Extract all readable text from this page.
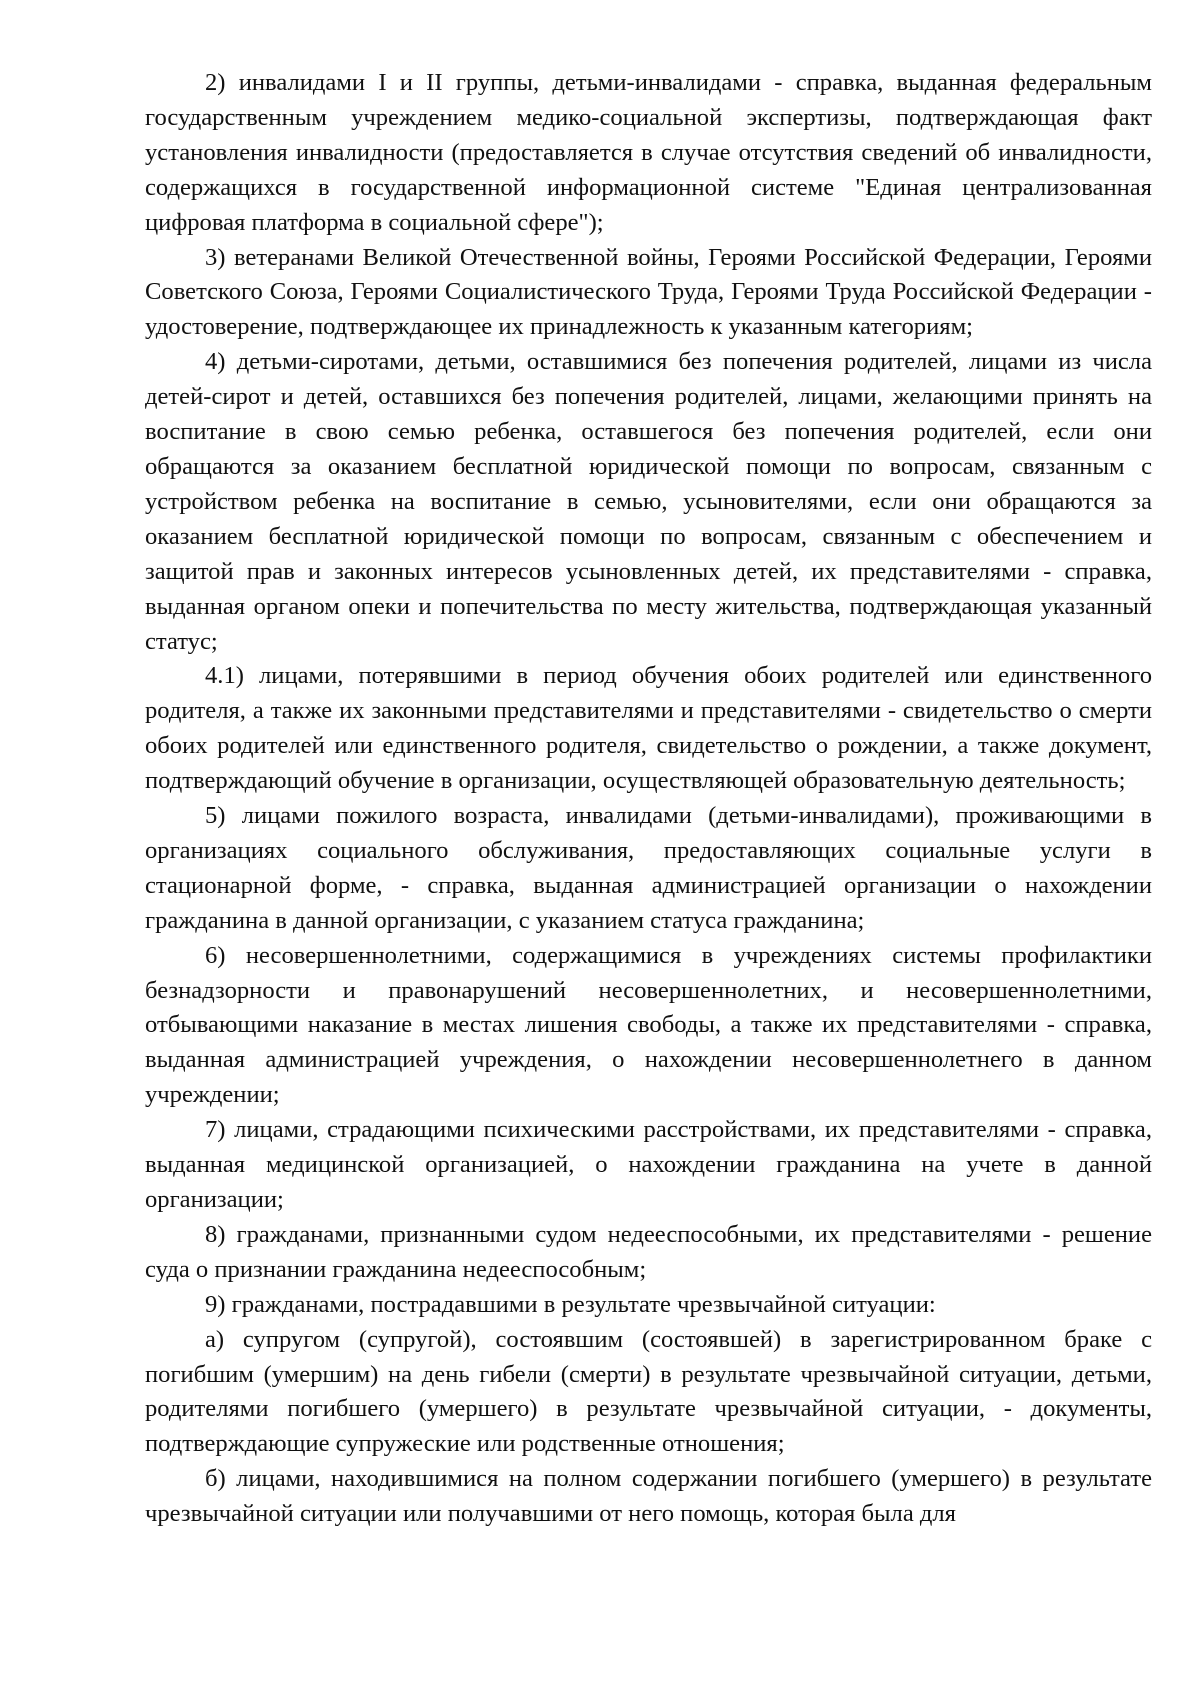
2) инвалидами I и II группы, детьми-инвалидами - справка, выданная федеральным государственным учреждением медико-социальной экспертизы, подтверждающая факт установления инвалидности (предоставляется в случае отсутствия сведений об инвалидности, содержащихся в государственной информационной системе "Единая централизованная цифровая платформа в социальной сфере");

3) ветеранами Великой Отечественной войны, Героями Российской Федерации, Героями Советского Союза, Героями Социалистического Труда, Героями Труда Российской Федерации - удостоверение, подтверждающее их принадлежность к указанным категориям;

4) детьми-сиротами, детьми, оставшимися без попечения родителей, лицами из числа детей-сирот и детей, оставшихся без попечения родителей, лицами, желающими принять на воспитание в свою семью ребенка, оставшегося без попечения родителей, если они обращаются за оказанием бесплатной юридической помощи по вопросам, связанным с устройством ребенка на воспитание в семью, усыновителями, если они обращаются за оказанием бесплатной юридической помощи по вопросам, связанным с обеспечением и защитой прав и законных интересов усыновленных детей, их представителями - справка, выданная органом опеки и попечительства по месту жительства, подтверждающая указанный статус;

4.1) лицами, потерявшими в период обучения обоих родителей или единственного родителя, а также их законными представителями и представителями - свидетельство о смерти обоих родителей или единственного родителя, свидетельство о рождении, а также документ, подтверждающий обучение в организации, осуществляющей образовательную деятельность;

5) лицами пожилого возраста, инвалидами (детьми-инвалидами), проживающими в организациях социального обслуживания, предоставляющих социальные услуги в стационарной форме, - справка, выданная администрацией организации о нахождении гражданина в данной организации, с указанием статуса гражданина;

6) несовершеннолетними, содержащимися в учреждениях системы профилактики безнадзорности и правонарушений несовершеннолетних, и несовершеннолетними, отбывающими наказание в местах лишения свободы, а также их представителями - справка, выданная администрацией учреждения, о нахождении несовершеннолетнего в данном учреждении;

7) лицами, страдающими психическими расстройствами, их представителями - справка, выданная медицинской организацией, о нахождении гражданина на учете в данной организации;

8) гражданами, признанными судом недееспособными, их представителями - решение суда о признании гражданина недееспособным;

9) гражданами, пострадавшими в результате чрезвычайной ситуации:

а) супругом (супругой), состоявшим (состоявшей) в зарегистрированном браке с погибшим (умершим) на день гибели (смерти) в результате чрезвычайной ситуации, детьми, родителями погибшего (умершего) в результате чрезвычайной ситуации, - документы, подтверждающие супружеские или родственные отношения;

б) лицами, находившимися на полном содержании погибшего (умершего) в результате чрезвычайной ситуации или получавшими от него помощь, которая была для
